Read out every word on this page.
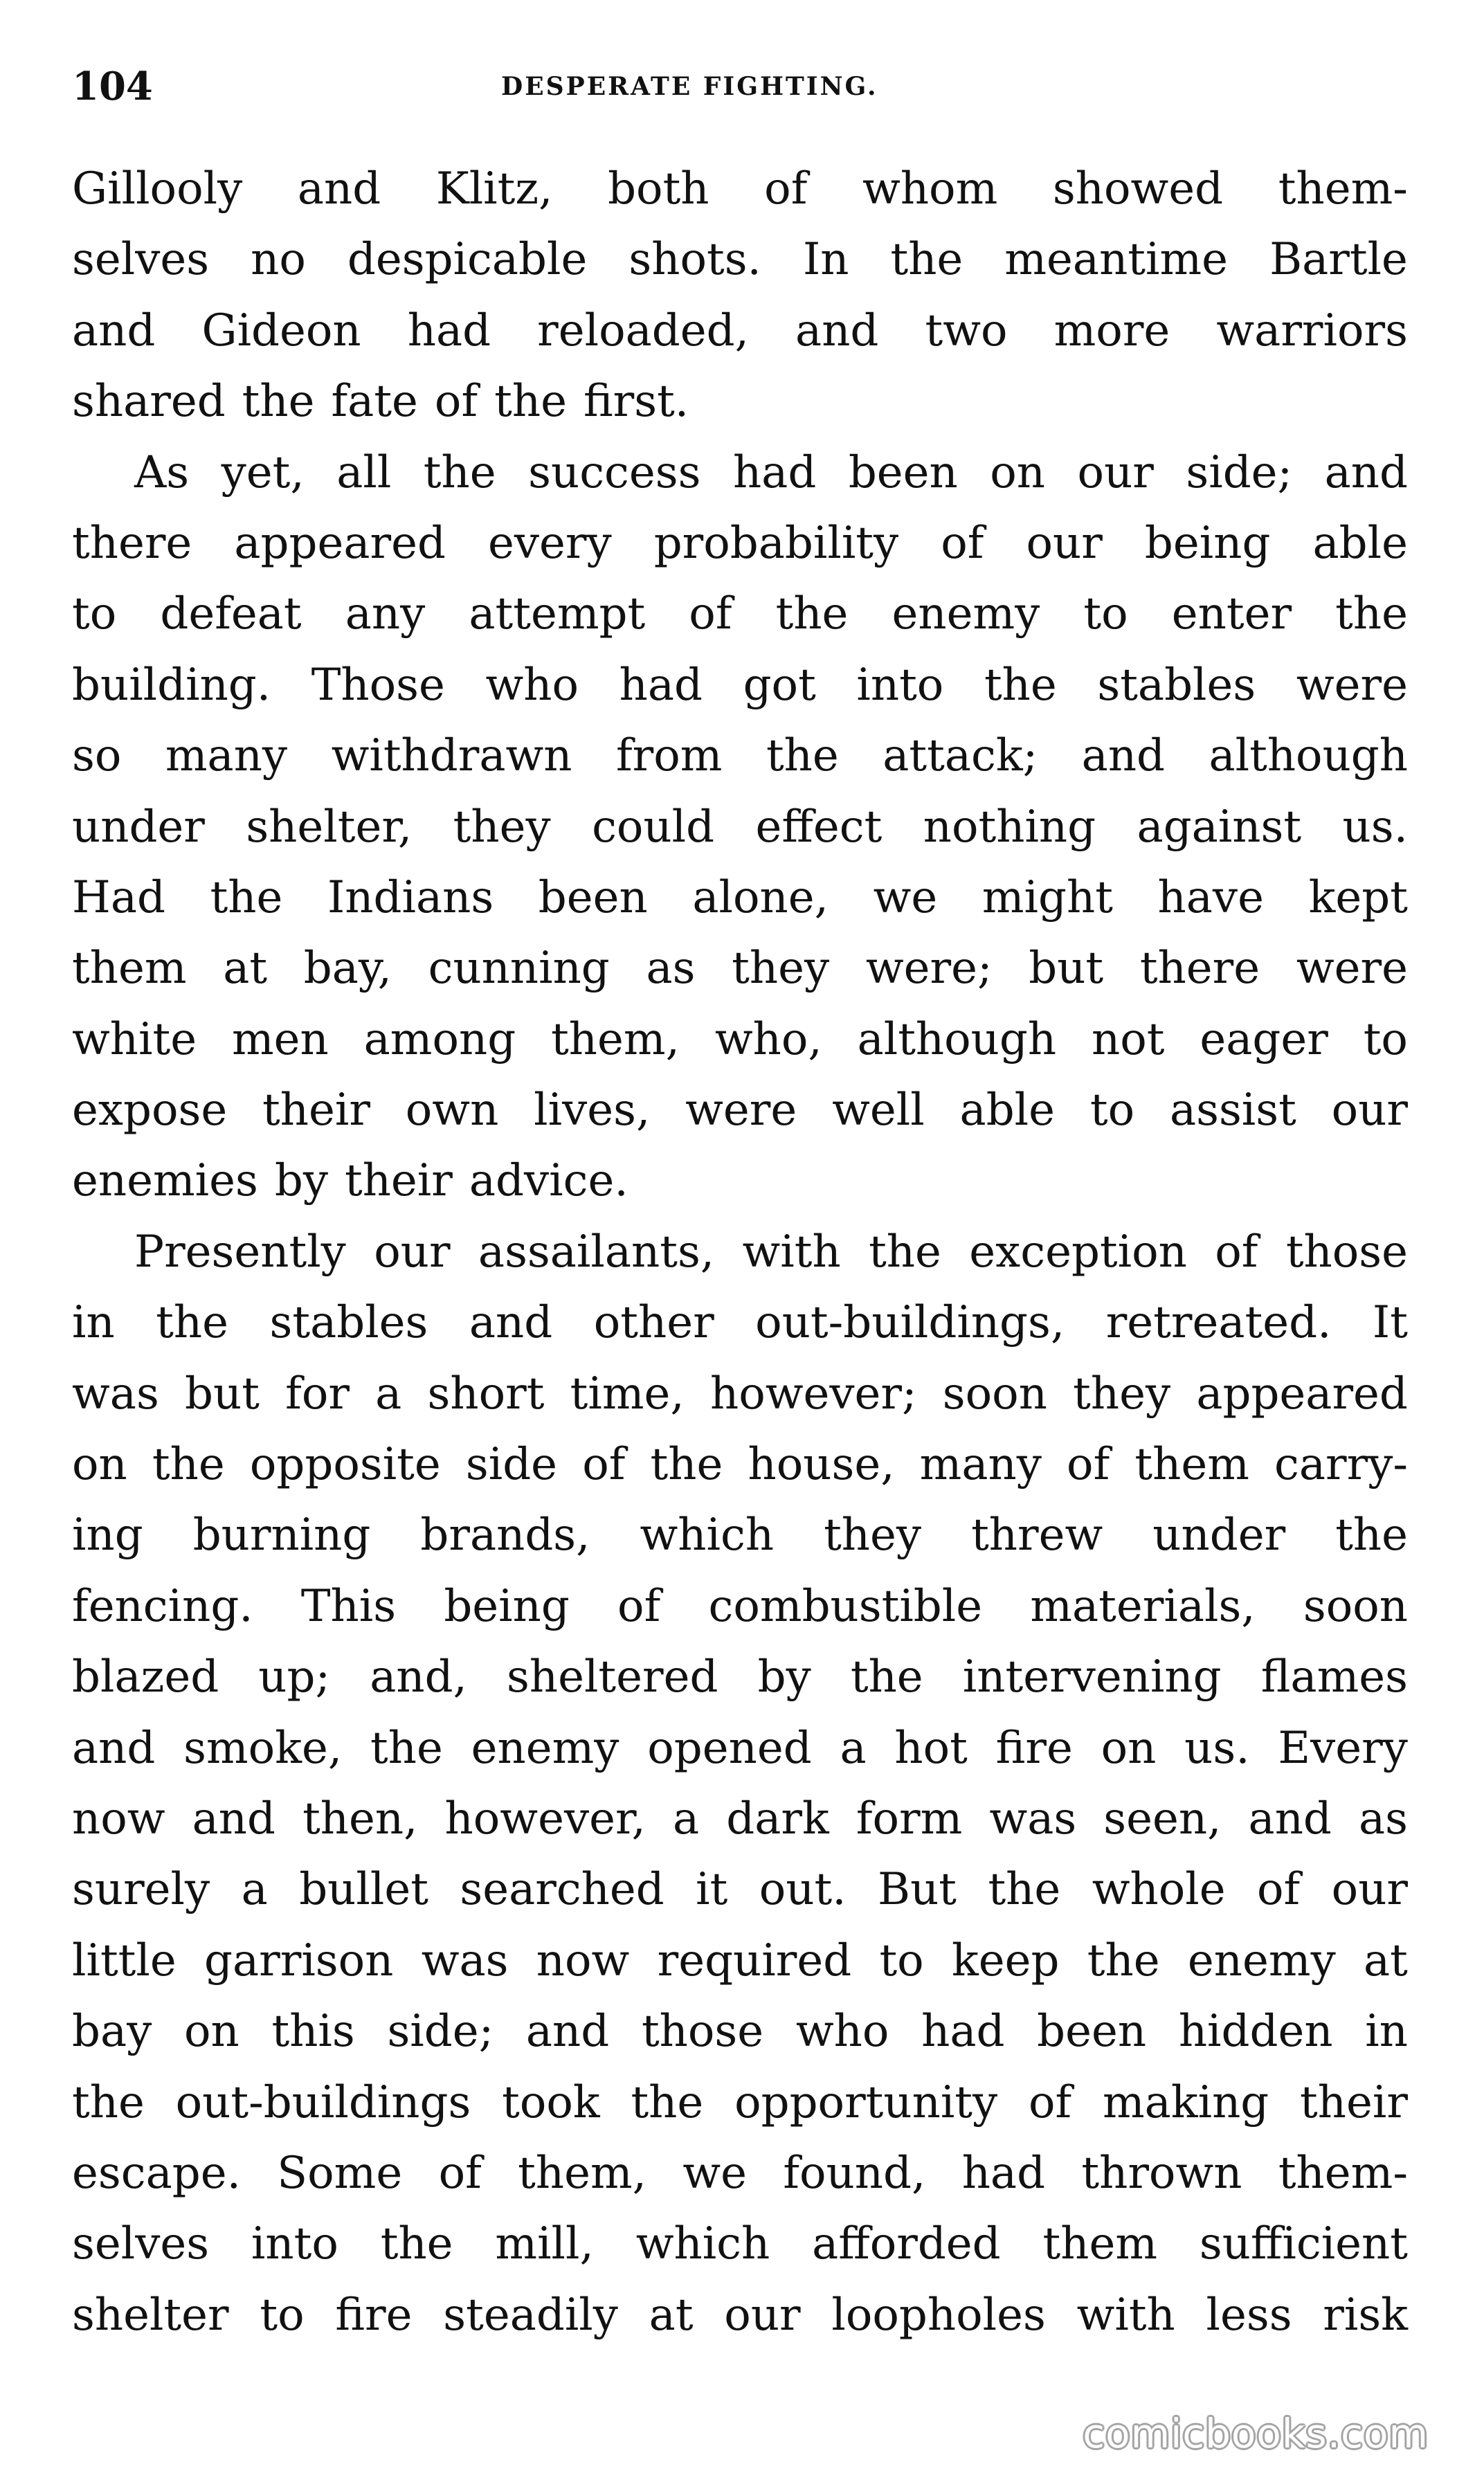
104	DESPERATE FIGHTING.
Gillooly and Klitz, both of whom showed them-
selves no despicable shots. In the meantime Bartle
and Gideon had reloaded, and two more warriors
shared the fate of the first.
As yet, all the success had been on our side; and
there appeared every probability of our being able
to defeat any attempt of the enemy to enter the
building. Those who had got into the stables were
so many withdrawn from the attack; and although
under shelter, they could effect nothing against us.
Had the Indians been alone, we might have kept
them at bay, cunning as they were; but there were
white men among them, who, although not eager to
expose their own lives, were well able to assist our
enemies by their advice.
Presently our assailants, with the exception of those
in the stables and other out-buildings, retreated. It
was but for a short time, however; soon they appeared
on the opposite side of the house, many of them carry-
ing burning brands, which they threw under the
fencing. This being of combustible materials, soon
blazed up; and, sheltered by the intervening flames
and smoke, the enemy opened a hot fire on us. Every
now and then, however, a dark form was seen, and as
surely a bullet searched it out. But the whole of our
little garrison was now required to keep the enemy at
bay on this side; and those who had been hidden in
the out-buildings took the opportunity of making their
escape. Some of them, we found, had thrown them-
selves into the mill, which afforded them sufficient
shelter to fire steadily at our loopholes with less risk
comicbooks.com
